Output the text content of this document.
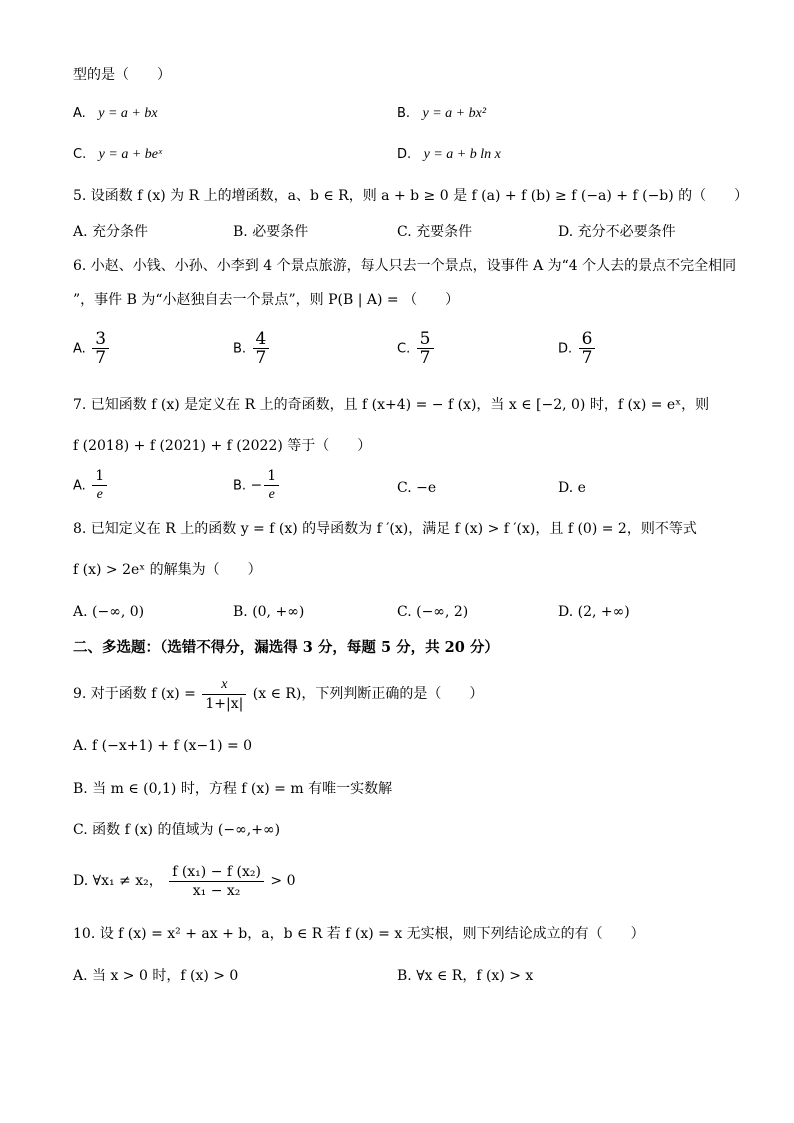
型的是（　　）
A. y = a + bx	B. y = a + bx²
C. y = a + beˣ	D. y = a + b ln x
5. 设函数 f (x) 为 R 上的增函数，a、b ∈ R，则 a + b ≥ 0 是 f (a) + f (b) ≥ f (−a) + f (−b) 的（　　）
A. 充分条件	B. 必要条件	C. 充要条件	D. 充分不必要条件
6. 小赵、小钱、小孙、小李到 4 个景点旅游，每人只去一个景点，设事件 A 为“4 个人去的景点不完全相同
”，事件 B 为“小赵独自去一个景点”，则 P(B | A) = （　　）
A. $\frac{3}{7}$	B. $\frac{4}{7}$	C. $\frac{5}{7}$	D. $\frac{6}{7}$
7. 已知函数 f (x) 是定义在 R 上的奇函数，且 f (x+4) = − f (x)，当 x ∈ [−2, 0) 时，f (x) = eˣ，则
f (2018) + f (2021) + f (2022) 等于（　　）
A. $\frac{1}{e}$	B. − $\frac{1}{e}$	C. −e	D. e
8. 已知定义在 R 上的函数 y = f (x) 的导函数为 f ′(x)，满足 f (x) > f ′(x)，且 f (0) = 2，则不等式
f (x) > 2eˣ 的解集为（　　）
A. (−∞, 0)	B. (0, +∞)	C. (−∞, 2)	D. (2, +∞)
二、多选题：（选错不得分，漏选得 3 分，每题 5 分，共 20 分）
9. 对于函数 f $(x) = \frac{x}{1+|x|} (x$ ∈ R)，下列判断正确的是（　　）
A. f (−x+1) + f (x−1) = 0
B. 当 m ∈ (0,1) 时，方程 f (x) = m 有唯一实数解
C. 函数 f (x) 的值域为 (−∞,+∞)
D. ∀x₁ ≠ x₂， $\frac{\text{f (x₁) − f (x₂)}}{\text{x₁ − x₂}} > 0$
10. 设 f (x) = x² + ax + b，a，b ∈ R 若 f (x) = x 无实根，则下列结论成立的有（　　）
A. 当 x > 0 时，f (x) > 0	B. ∀x ∈ R，f (x) > x
